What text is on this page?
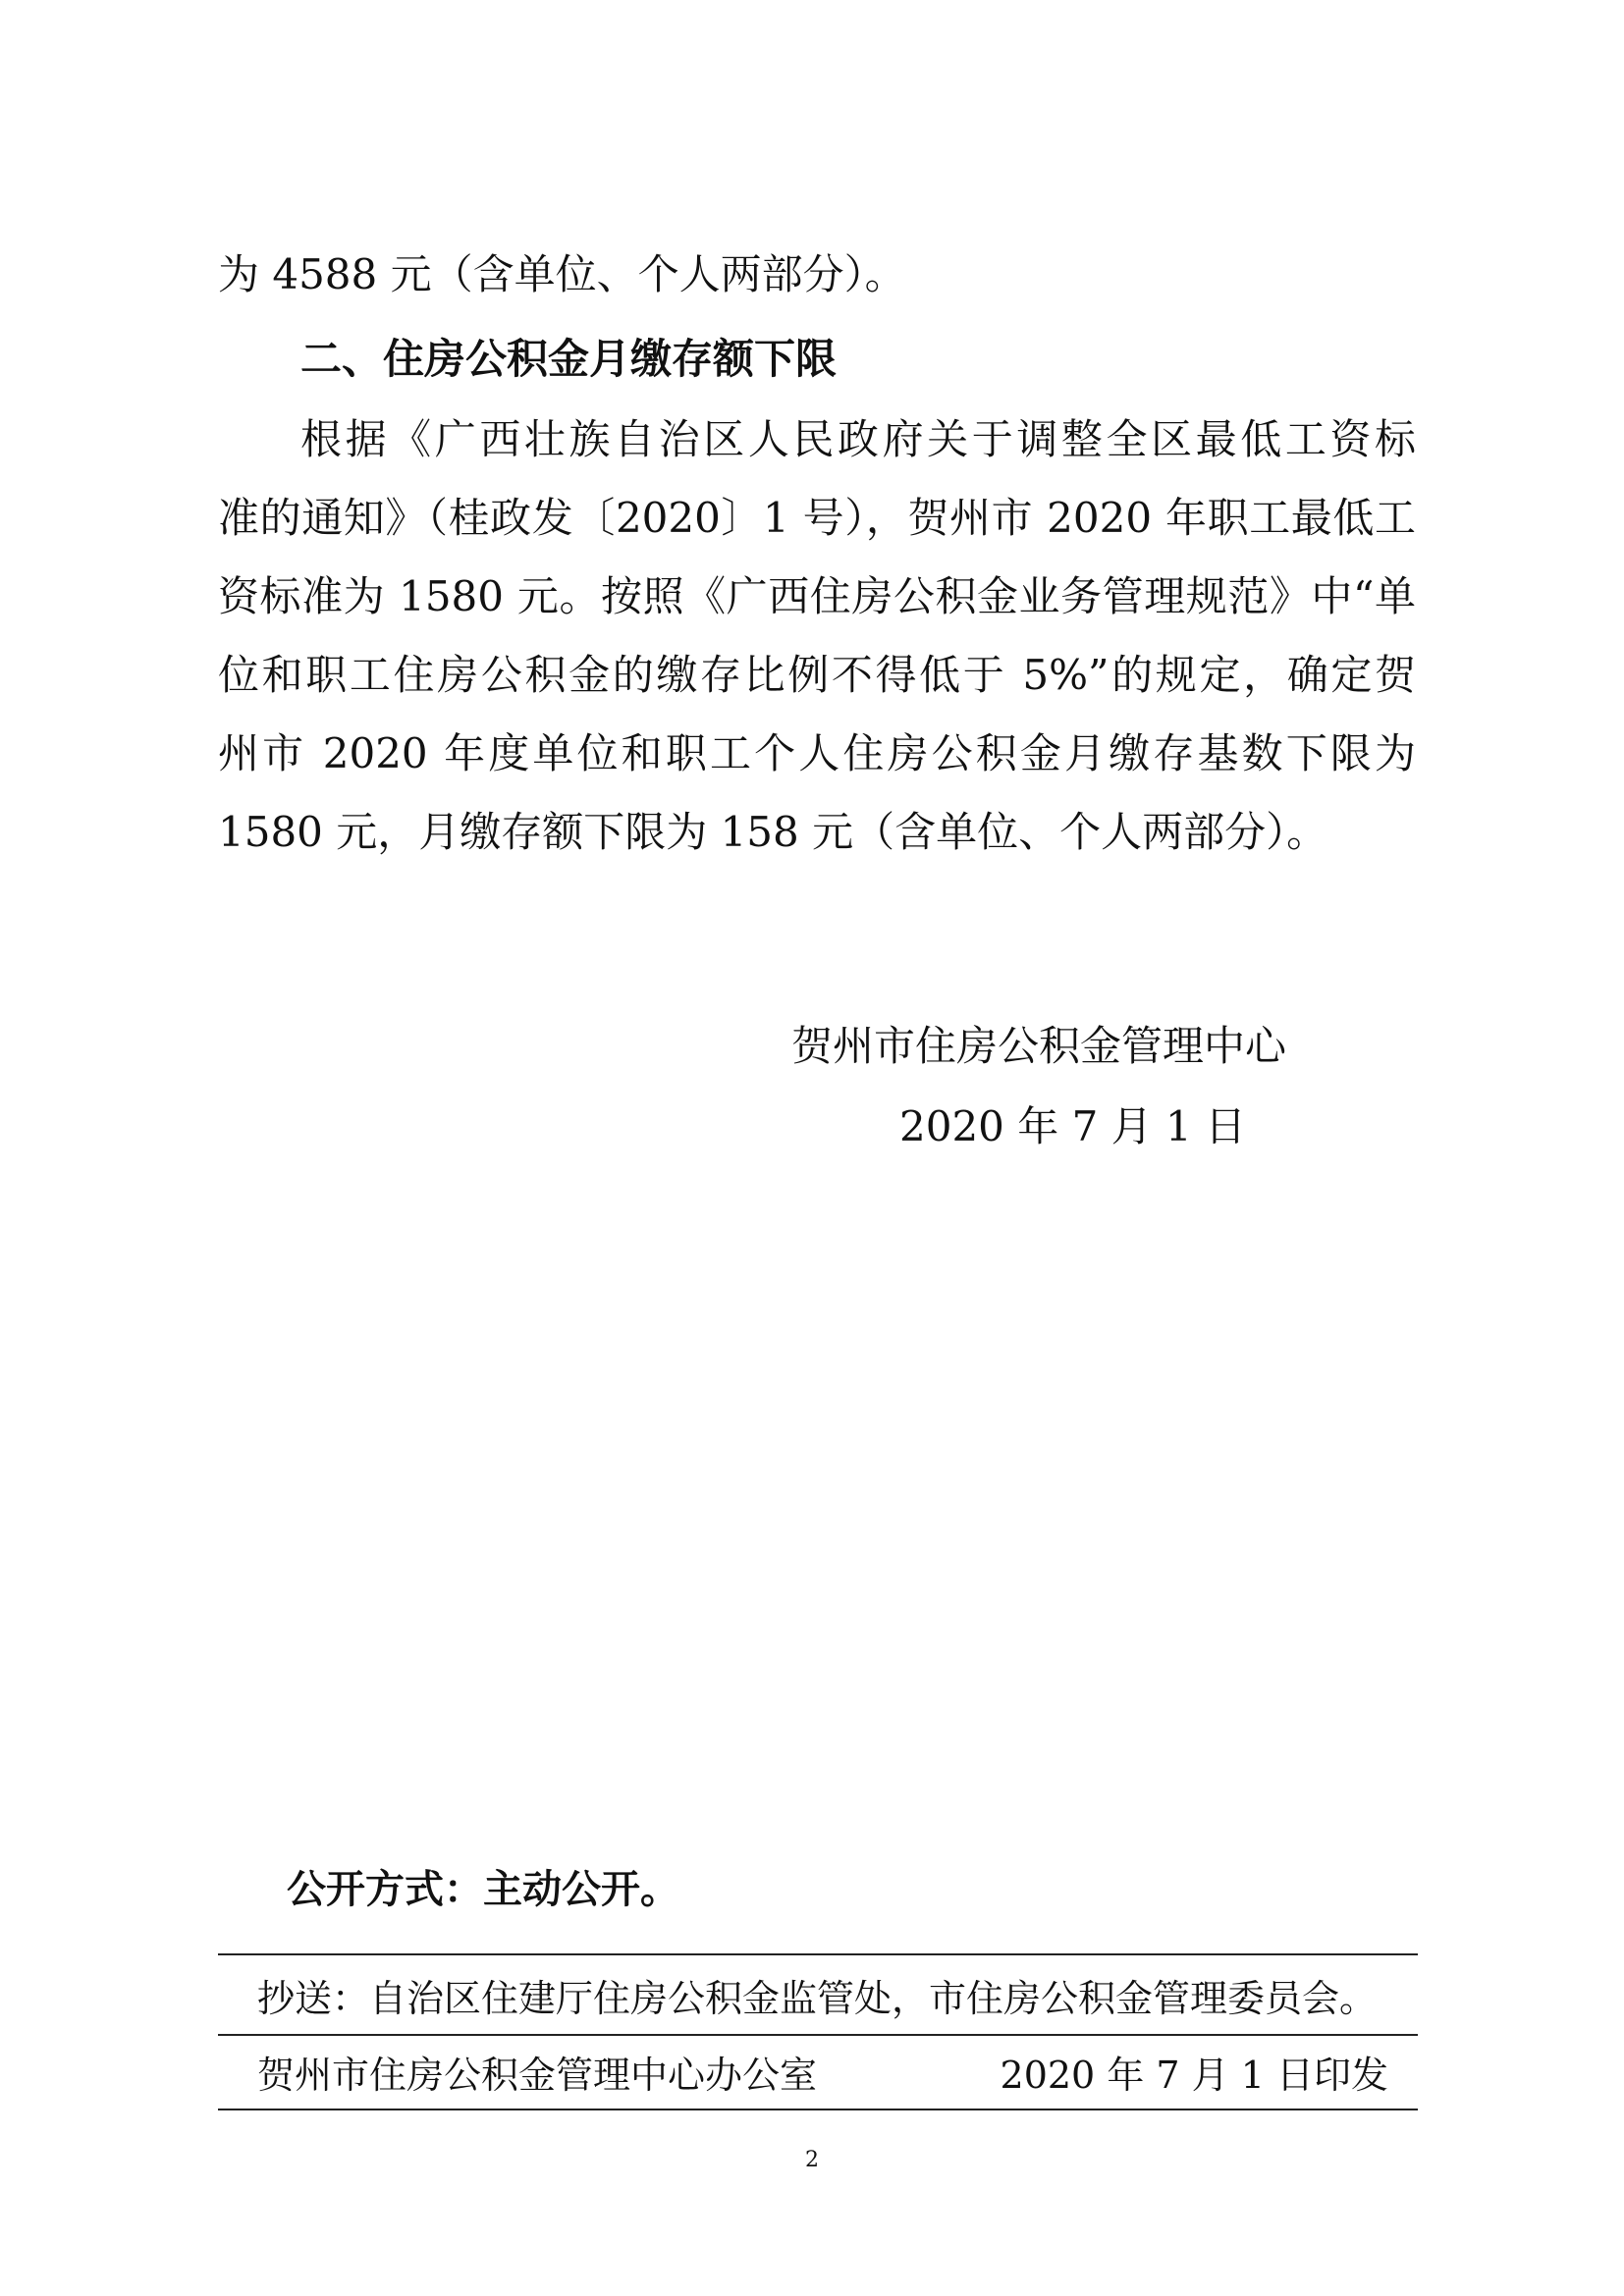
为 4588 元（含单位、个人两部分）。
二、住房公积金月缴存额下限
根据《广西壮族自治区人民政府关于调整全区最低工资标
准的通知》（桂政发〔2020〕1 号），贺州市 2020 年职工最低工
资标准为 1580 元。按照《广西住房公积金业务管理规范》中“单
位和职工住房公积金的缴存比例不得低于 5%”的规定，确定贺
州市 2020 年度单位和职工个人住房公积金月缴存基数下限为
1580 元，月缴存额下限为 158 元（含单位、个人两部分）。
贺州市住房公积金管理中心
2020 年 7 月 1 日
公开方式：主动公开。
抄送：自治区住建厅住房公积金监管处，市住房公积金管理委员会。
贺州市住房公积金管理中心办公室	2020 年 7 月 1 日印发
2
